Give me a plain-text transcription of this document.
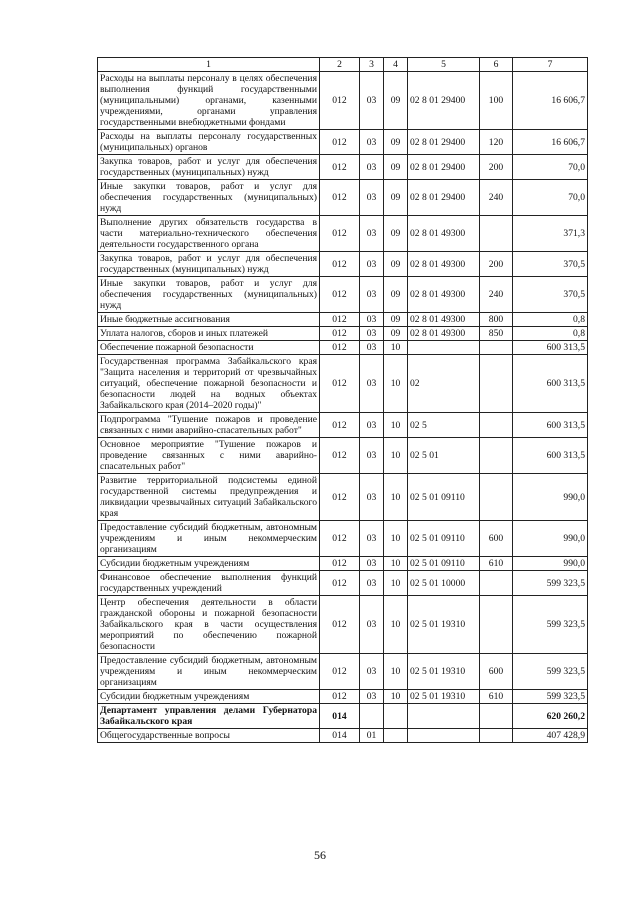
1	2	3	4	5	6	7
Расходы на выплаты персоналу в целях обеспечения выполнения функций государственными (муниципальными) органами, казенными учреждениями, органами управления государственными внебюджетными фондами	012	03	09	02 8 01 29400	100	16 606,7
Расходы на выплаты персоналу государственных (муниципальных) органов	012	03	09	02 8 01 29400	120	16 606,7
Закупка товаров, работ и услуг для обеспечения государственных (муниципальных) нужд	012	03	09	02 8 01 29400	200	70,0
Иные закупки товаров, работ и услуг для обеспечения государственных (муниципальных) нужд	012	03	09	02 8 01 29400	240	70,0
Выполнение других обязательств государства в части материально-технического обеспечения деятельности государственного органа	012	03	09	02 8 01 49300		371,3
Закупка товаров, работ и услуг для обеспечения государственных (муниципальных) нужд	012	03	09	02 8 01 49300	200	370,5
Иные закупки товаров, работ и услуг для обеспечения государственных (муниципальных) нужд	012	03	09	02 8 01 49300	240	370,5
Иные бюджетные ассигнования	012	03	09	02 8 01 49300	800	0,8
Уплата налогов, сборов и иных платежей	012	03	09	02 8 01 49300	850	0,8
Обеспечение пожарной безопасности	012	03	10			600 313,5
Государственная программа Забайкальского края "Защита населения и территорий от чрезвычайных ситуаций, обеспечение пожарной безопасности и безопасности людей на водных объектах Забайкальского края (2014–2020 годы)"	012	03	10	02		600 313,5
Подпрограмма "Тушение пожаров и проведение связанных с ними аварийно-спасательных работ"	012	03	10	02 5		600 313,5
Основное мероприятие "Тушение пожаров и проведение связанных с ними аварийно-спасательных работ"	012	03	10	02 5 01		600 313,5
Развитие территориальной подсистемы единой государственной системы предупреждения и ликвидации чрезвычайных ситуаций Забайкальского края	012	03	10	02 5 01 09110		990,0
Предоставление субсидий бюджетным, автономным учреждениям и иным некоммерческим организациям	012	03	10	02 5 01 09110	600	990,0
Субсидии бюджетным учреждениям	012	03	10	02 5 01 09110	610	990,0
Финансовое обеспечение выполнения функций государственных учреждений	012	03	10	02 5 01 10000		599 323,5
Центр обеспечения деятельности в области гражданской обороны и пожарной безопасности Забайкальского края в части осуществления мероприятий по обеспечению пожарной безопасности	012	03	10	02 5 01 19310		599 323,5
Предоставление субсидий бюджетным, автономным учреждениям и иным некоммерческим организациям	012	03	10	02 5 01 19310	600	599 323,5
Субсидии бюджетным учреждениям	012	03	10	02 5 01 19310	610	599 323,5
Департамент управления делами Губернатора Забайкальского края	014					620 260,2
Общегосударственные вопросы	014	01				407 428,9
56
